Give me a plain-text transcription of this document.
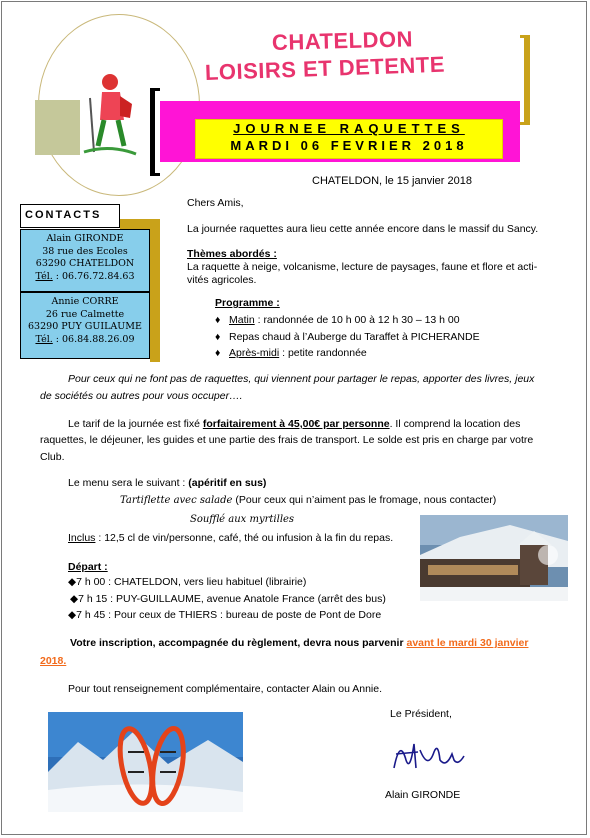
CHATELDON
LOISIRS ET DETENTE
JOURNEE RAQUETTES
MARDI 06 FEVRIER 2018
CONTACTS
Alain GIRONDE
38 rue des Ecoles
63290 CHATELDON
Tél. : 06.76.72.84.63
Annie CORRE
26 rue Calmette
63290 PUY GUILAUME
Tél. : 06.84.88.26.09
CHATELDON, le 15 janvier 2018
Chers Amis,
La journée raquettes aura lieu cette année encore dans le massif du Sancy.
Thèmes abordés :
La raquette à neige, volcanisme, lecture de paysages, faune et flore et acti-
vités agricoles.
Programme :
♦ Matin : randonnée de 10 h 00 à 12 h 30 – 13 h 00
♦ Repas chaud à l’Auberge du Taraffet à PICHERANDE
♦ Après-midi : petite randonnée
Pour ceux qui ne font pas de raquettes, qui viennent pour partager le repas, apporter des livres, jeux
de sociétés ou autres pour vous occuper….
Le tarif de la journée est fixé forfaitairement à 45,00€ par personne. Il comprend la location des
raquettes, le déjeuner, les guides et une partie des frais de transport. Le solde est pris en charge par votre
Club.
Le menu sera le suivant : (apéritif en sus)
Tartiflette avec salade (Pour ceux qui n’aiment pas le fromage, nous contacter)
Soufflé aux myrtilles
Inclus : 12,5 cl de vin/personne, café, thé ou infusion à la fin du repas.
Départ :
◆7 h 00 : CHATELDON, vers lieu habituel (librairie)
◆7 h 15 : PUY-GUILLAUME, avenue Anatole France (arrêt des bus)
◆7 h 45 : Pour ceux de THIERS : bureau de poste de Pont de Dore
Votre inscription, accompagnée du règlement, devra nous parvenir avant le mardi 30 janvier
2018.
Pour tout renseignement complémentaire, contacter Alain ou Annie.
Le Président,
Alain GIRONDE
